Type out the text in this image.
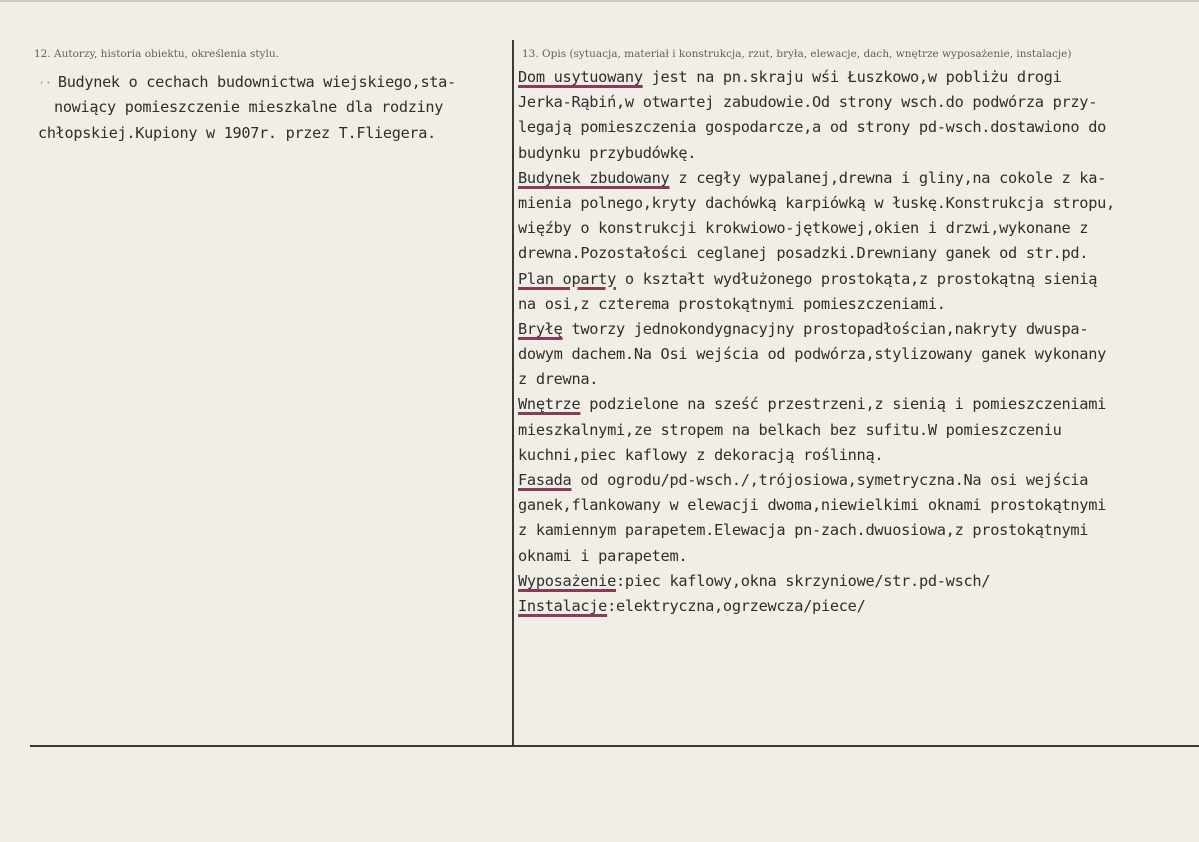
12. Autorzy, historia obiektu, określenia stylu.	13. Opis (sytuacja, materiał i konstrukcja, rzut, bryła, elewacje, dach, wnętrze wyposażenie, instalacje)
·· Budynek o cechach budownictwa wiejskiego,sta-
nowiący pomieszczenie mieszkalne dla rodziny
chłopskiej.Kupiony w 1907r. przez T.Fliegera.
Dom usytuowany jest na pn.skraju wśi Łuszkowo,w pobliżu drogi
Jerka-Rąbiń,w otwartej zabudowie.Od strony wsch.do podwórza przy-
legają pomieszczenia gospodarcze,a od strony pd-wsch.dostawiono do
budynku przybudówkę.
Budynek zbudowany z cegły wypalanej,drewna i gliny,na cokole z ka-
mienia polnego,kryty dachówką karpiówką w łuskę.Konstrukcja stropu,
więźby o konstrukcji krokwiowo-jętkowej,okien i drzwi,wykonane z
drewna.Pozostałości ceglanej posadzki.Drewniany ganek od str.pd.
Plan oparty o kształt wydłużonego prostokąta,z prostokątną sienią
na osi,z czterema prostokątnymi pomieszczeniami.
Bryłę tworzy jednokondygnacyjny prostopadłościan,nakryty dwuspa-
dowym dachem.Na Osi wejścia od podwórza,stylizowany ganek wykonany
z drewna.
Wnętrze podzielone na sześć przestrzeni,z sienią i pomieszczeniami
mieszkalnymi,ze stropem na belkach bez sufitu.W pomieszczeniu
kuchni,piec kaflowy z dekoracją roślinną.
Fasada od ogrodu/pd-wsch./,trójosiowa,symetryczna.Na osi wejścia
ganek,flankowany w elewacji dwoma,niewielkimi oknami prostokątnymi
z kamiennym parapetem.Elewacja pn-zach.dwuosiowa,z prostokątnymi
oknami i parapetem.
Wyposażenie:piec kaflowy,okna skrzyniowe/str.pd-wsch/
Instalacje:elektryczna,ogrzewcza/piece/
